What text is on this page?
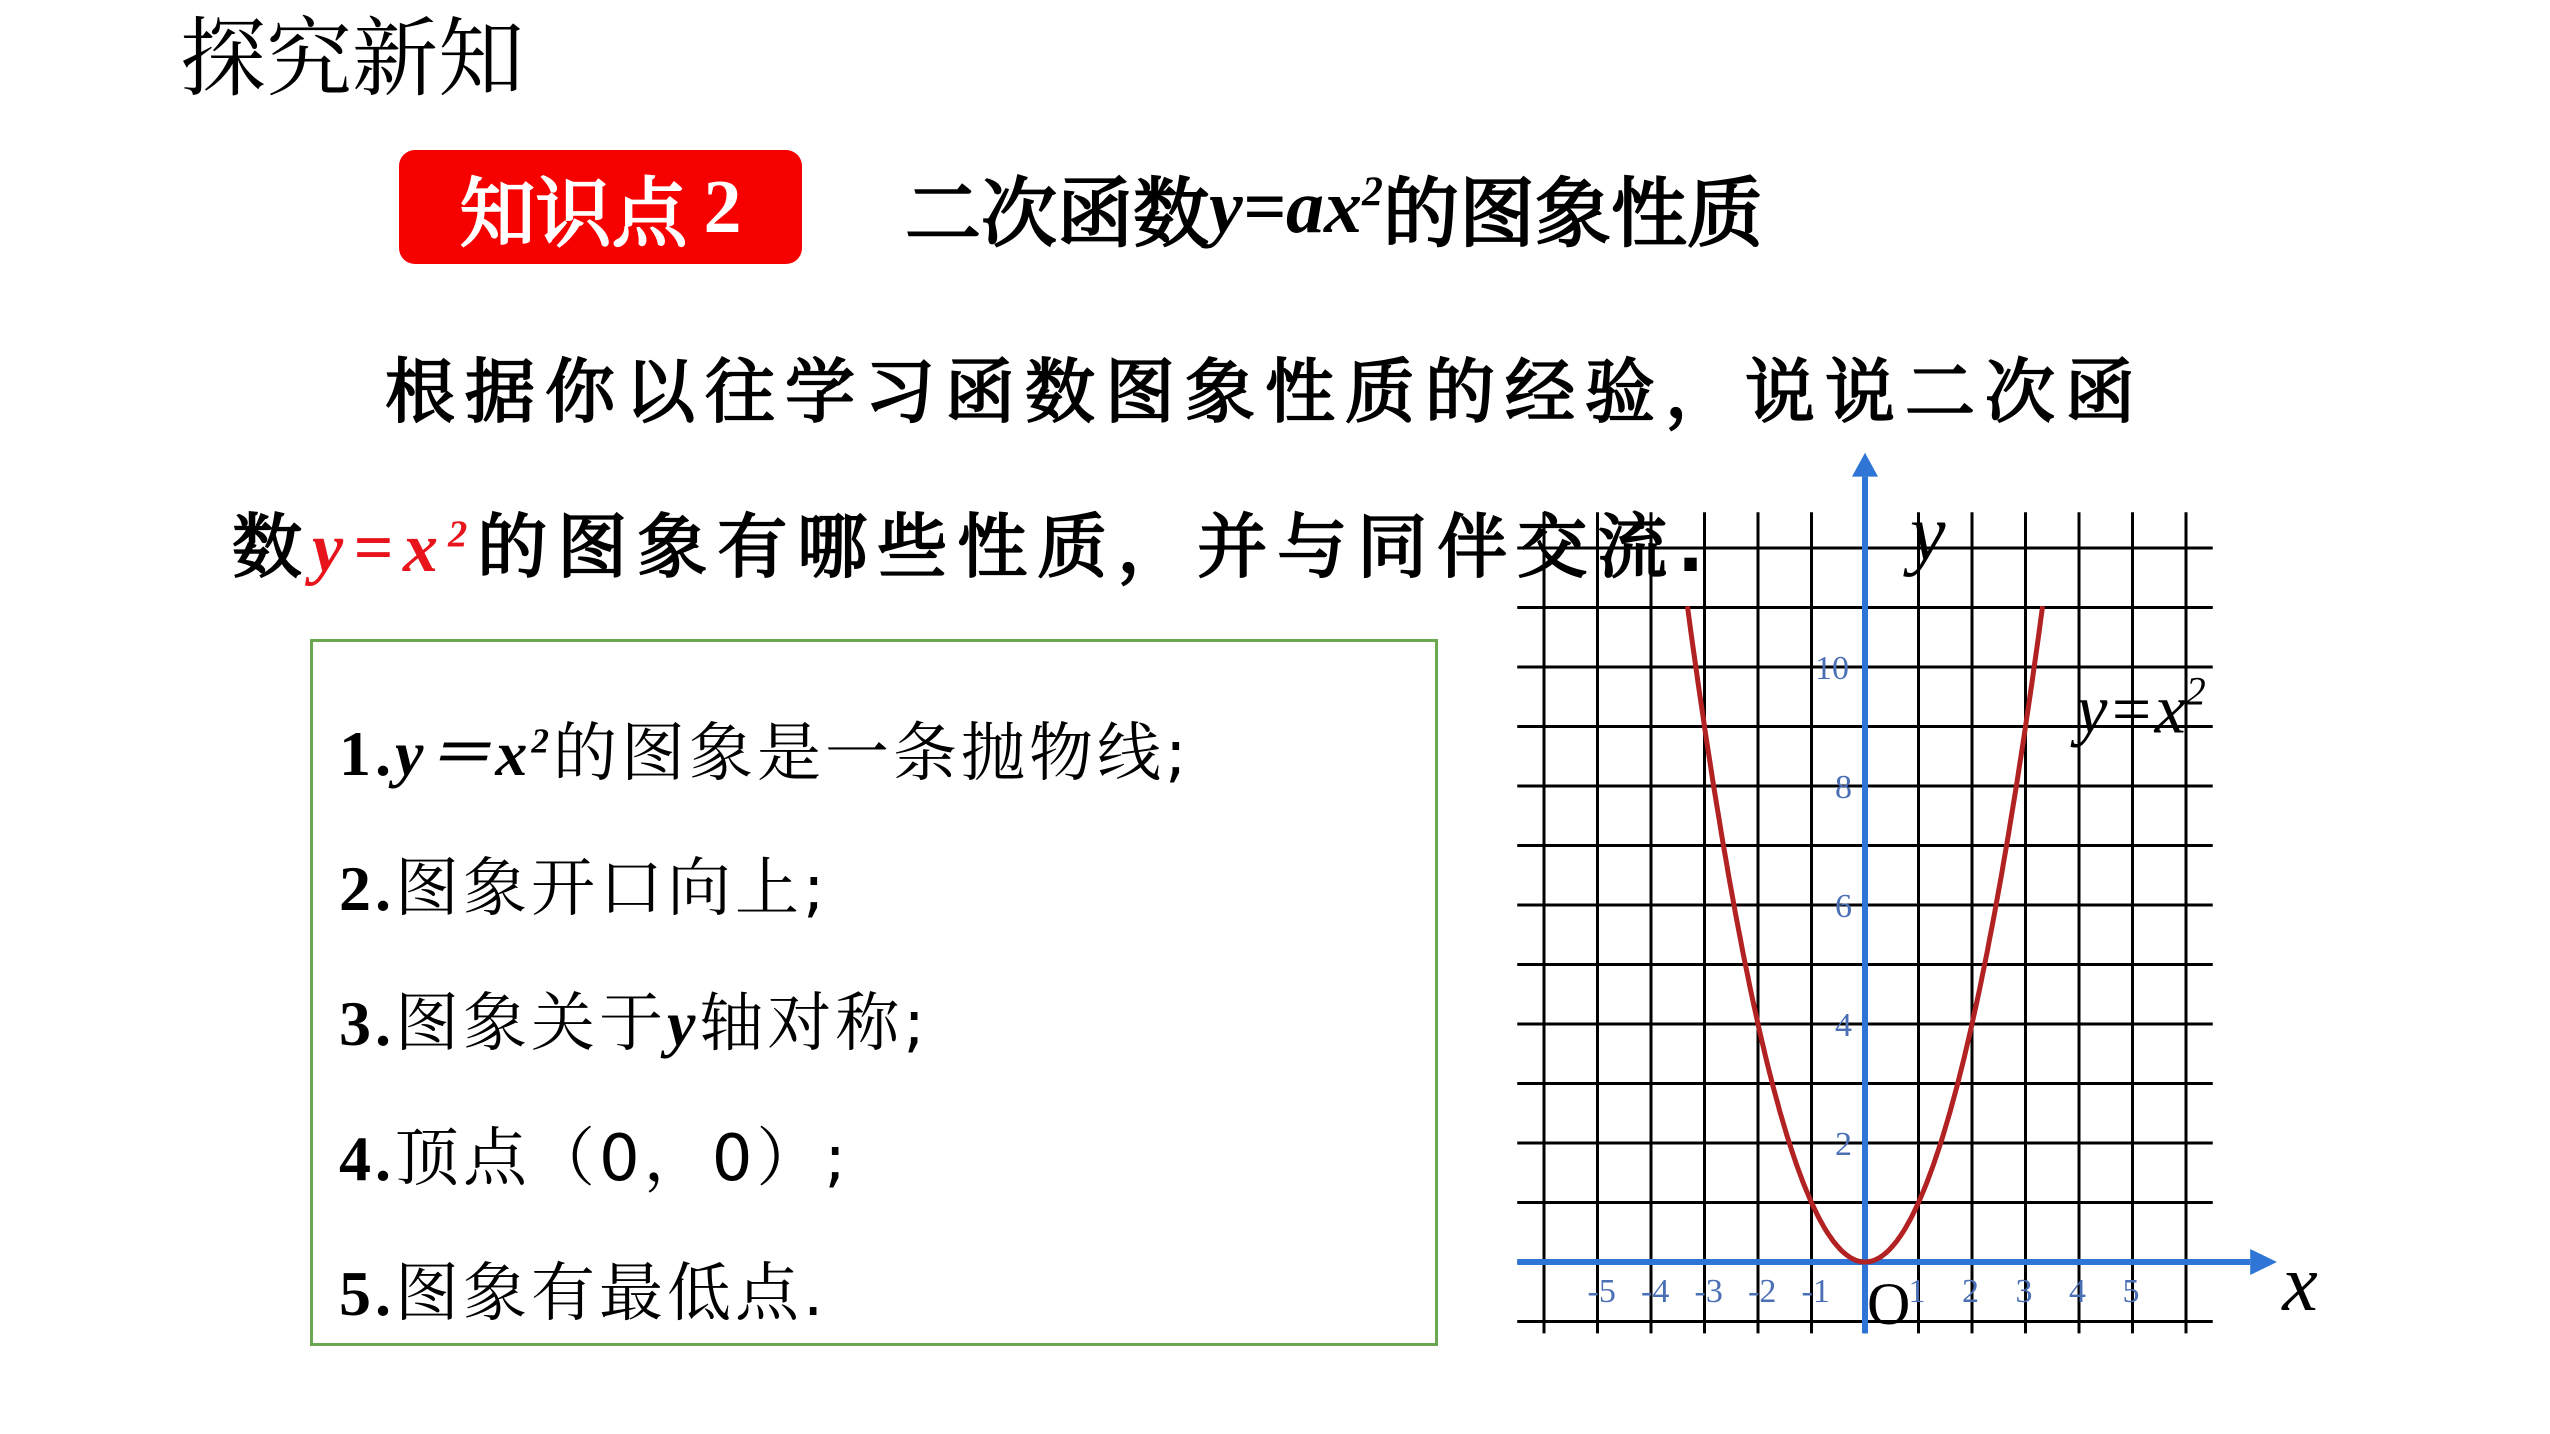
探究新知
知识点 2 二次函数 $y=ax^2$ 的图象性质
根据你以往学习函数图象性质的经验，说说二次函
数$y=x^2$的图象有哪些性质，并与同伴交流.
$1.y=x^2$的图象是一条抛物线;
2.图象开口向上;
3.图象关于y轴对称;
4.顶点（0，0）;
5.图象有最低点.	-5 -4 -3 -2 -1 1 2 3 4 5
2
4
6
8
10
y
x
O
$y=x^2$
